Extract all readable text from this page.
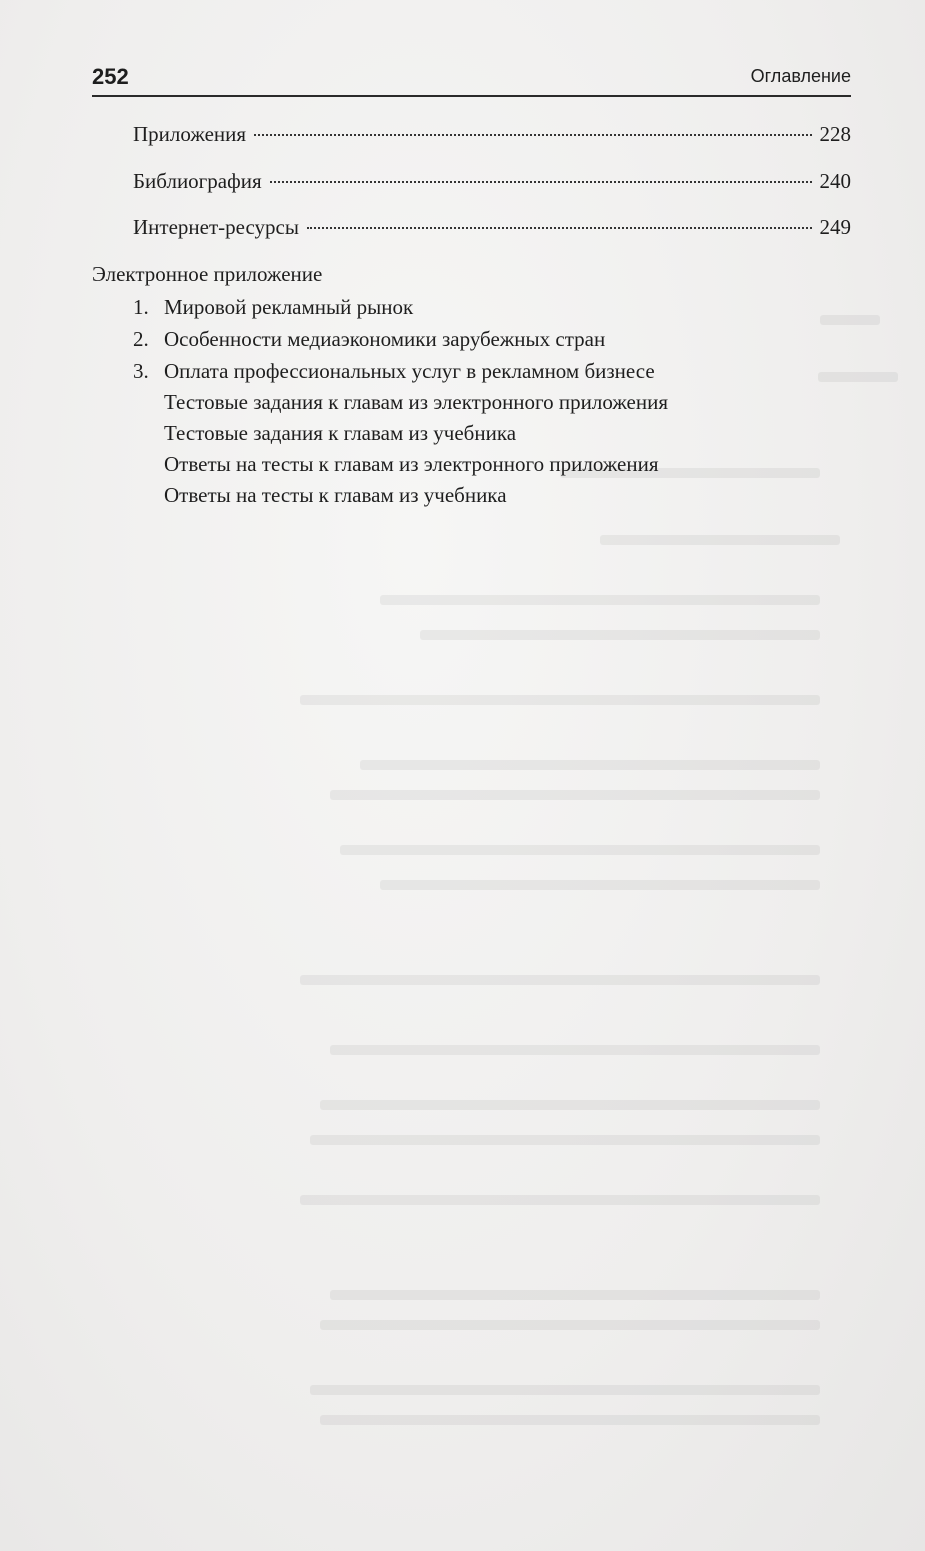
252	Оглавление
Приложения	228
Библиография	240
Интернет-ресурсы	249
Электронное приложение
1. Мировой рекламный рынок
2. Особенности медиаэкономики зарубежных стран
3. Оплата профессиональных услуг в рекламном бизнесе
Тестовые задания к главам из электронного приложения
Тестовые задания к главам из учебника
Ответы на тесты к главам из электронного приложения
Ответы на тесты к главам из учебника
